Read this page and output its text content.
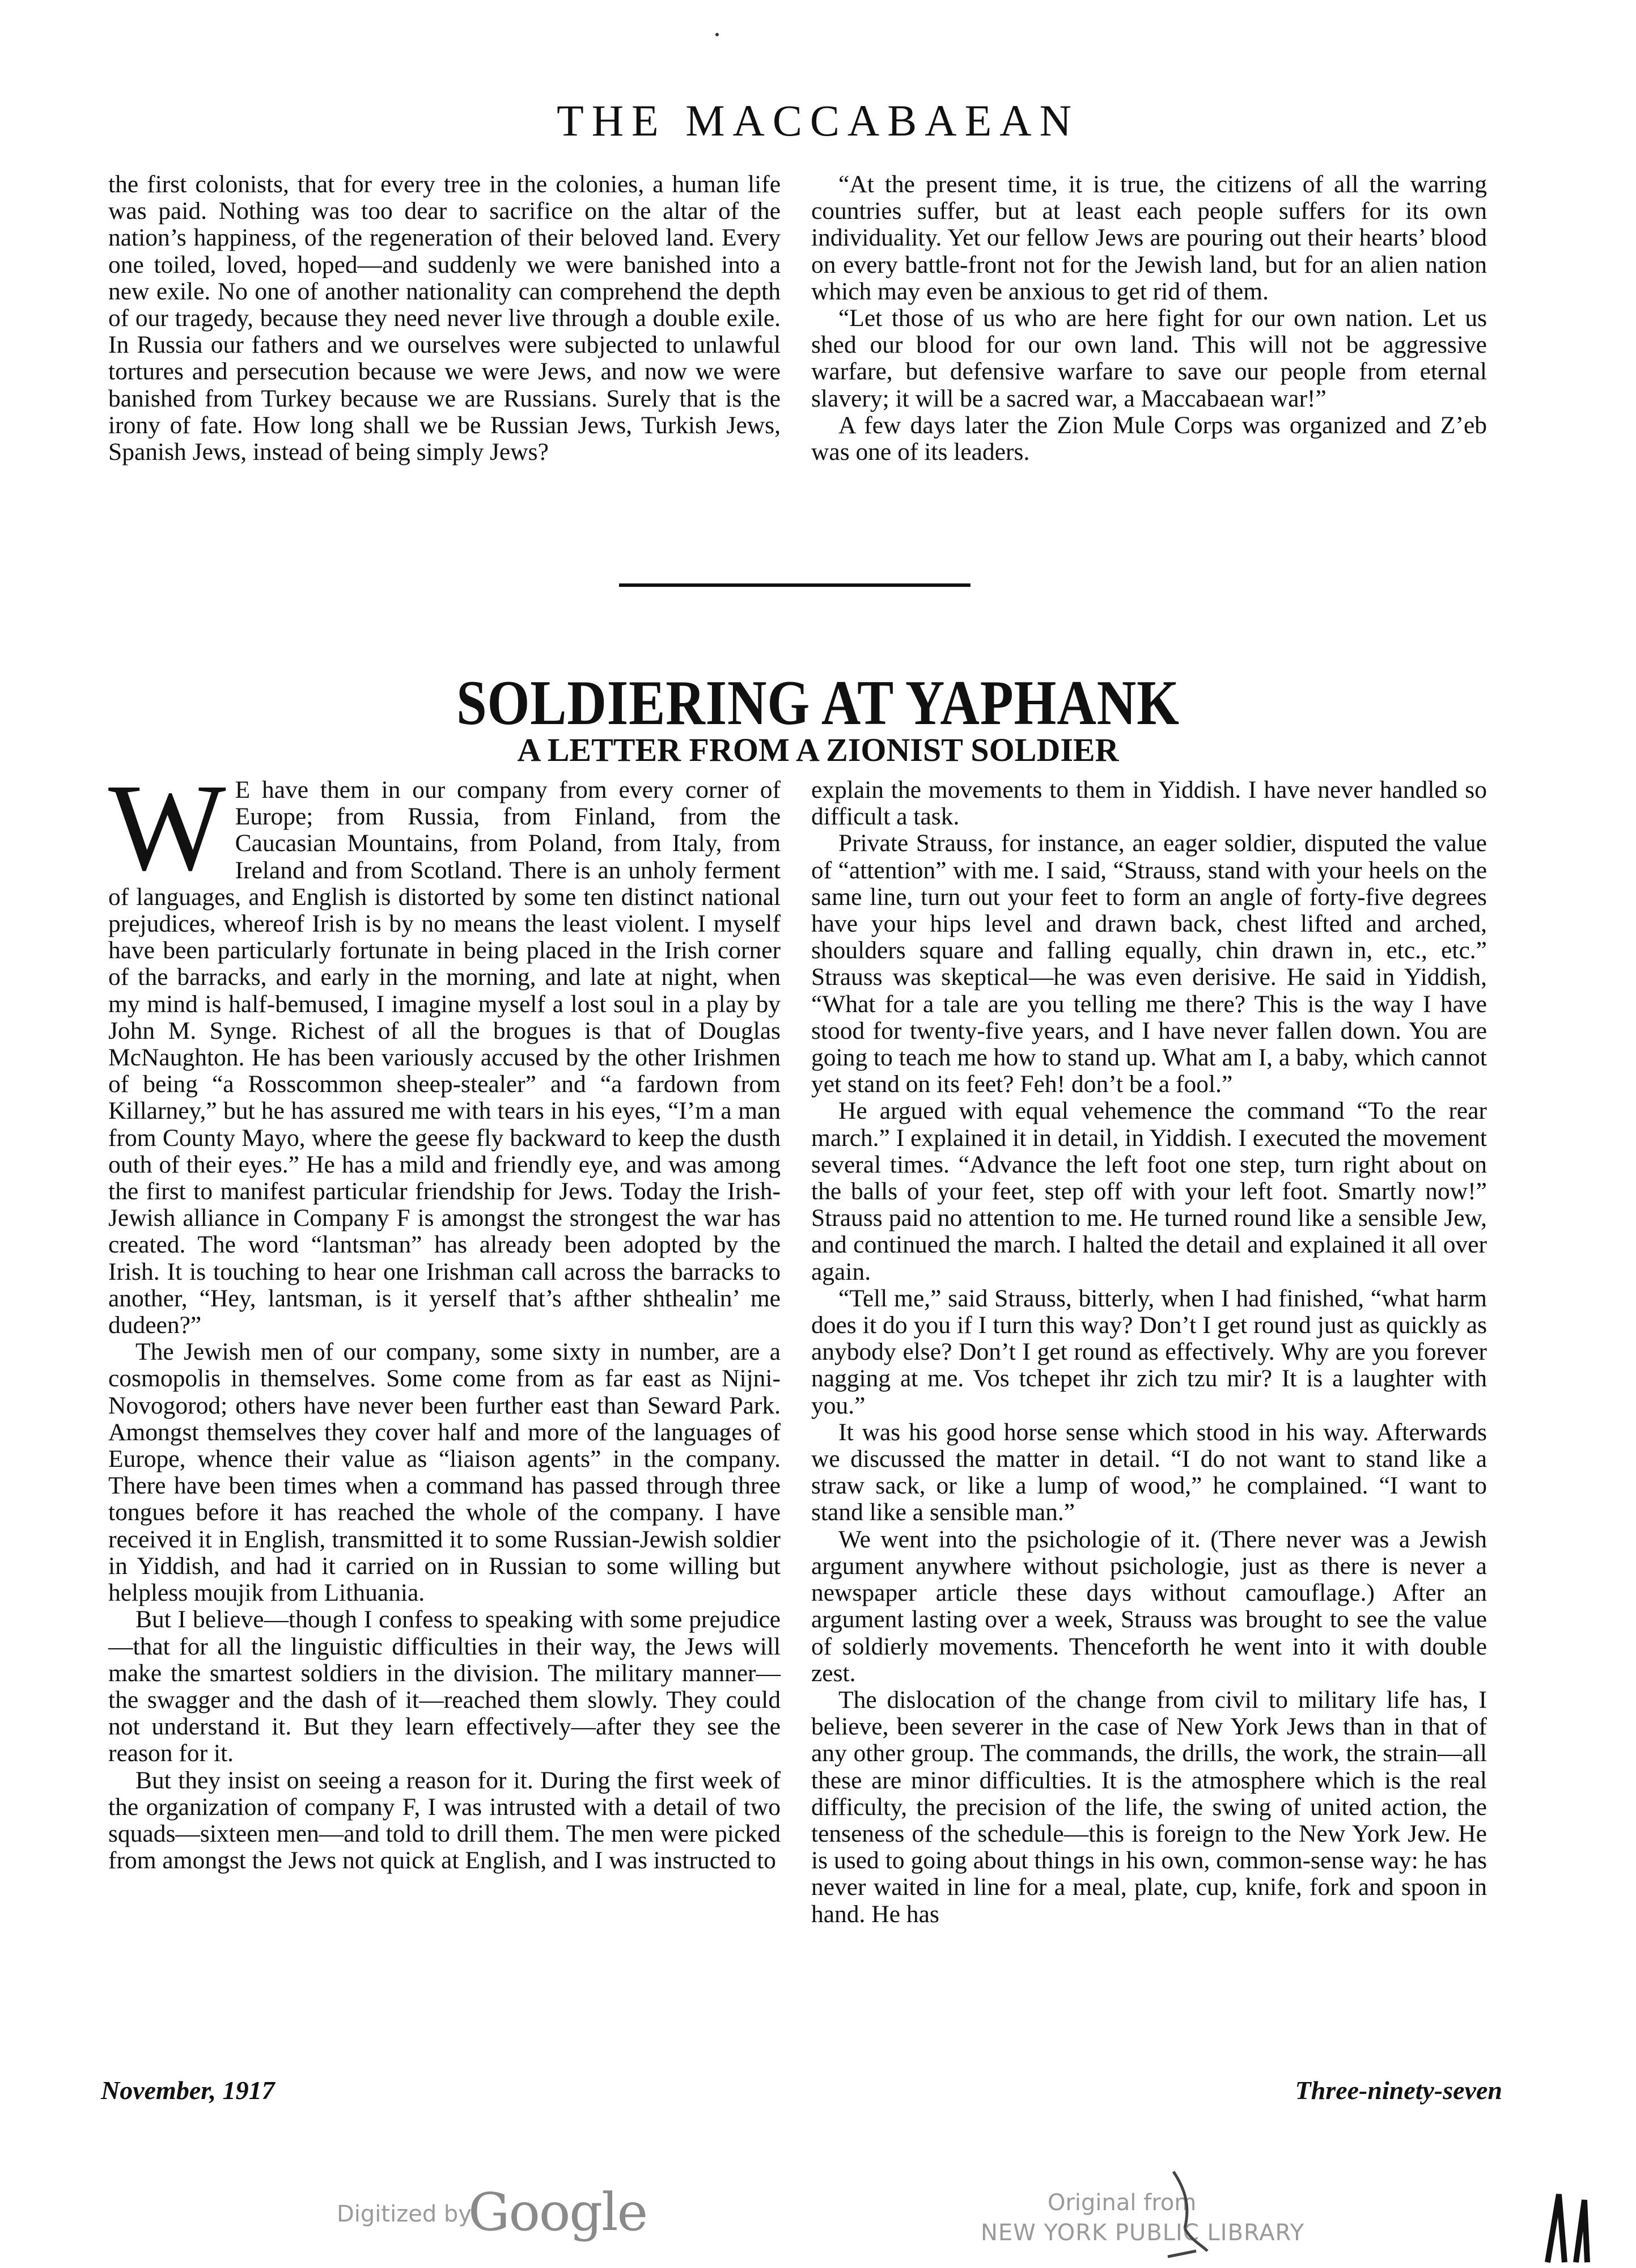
THE MACCABAEAN

the first colonists, that for every tree in the colonies, a human life was paid. Nothing was too dear to sacrifice on the altar of the nation’s happiness, of the regeneration of their beloved land. Every one toiled, loved, hoped—and suddenly we were banished into a new exile. No one of another nationality can comprehend the depth of our tragedy, because they need never live through a double exile. In Russia our fathers and we ourselves were subjected to unlawful tortures and persecution because we were Jews, and now we were banished from Turkey because we are Russians. Surely that is the irony of fate. How long shall we be Russian Jews, Turkish Jews, Spanish Jews, instead of being simply Jews?

“At the present time, it is true, the citizens of all the warring countries suffer, but at least each people suffers for its own individuality. Yet our fellow Jews are pouring out their hearts’ blood on every battle-front not for the Jewish land, but for an alien nation which may even be anxious to get rid of them.

“Let those of us who are here fight for our own nation. Let us shed our blood for our own land. This will not be aggressive warfare, but defensive warfare to save our people from eternal slavery; it will be a sacred war, a Maccabaean war!”

A few days later the Zion Mule Corps was organized and Z’eb was one of its leaders.

SOLDIERING AT YAPHANK
A LETTER FROM A ZIONIST SOLDIER

W E have them in our company from every corner of Europe; from Russia, from Finland, from the Caucasian Mountains, from Poland, from Italy, from Ireland and from Scotland. There is an unholy ferment of languages, and English is distorted by some ten distinct national prejudices, whereof Irish is by no means the least violent. I myself have been particularly fortunate in being placed in the Irish corner of the barracks, and early in the morning, and late at night, when my mind is half-bemused, I imagine myself a lost soul in a play by John M. Synge. Richest of all the brogues is that of Douglas McNaughton. He has been variously accused by the other Irishmen of being “a Rosscommon sheep-stealer” and “a fardown from Killarney,” but he has assured me with tears in his eyes, “I’m a man from County Mayo, where the geese fly backward to keep the dusth outh of their eyes.” He has a mild and friendly eye, and was among the first to manifest particular friendship for Jews. Today the Irish-Jewish alliance in Company F is amongst the strongest the war has created. The word “lantsman” has already been adopted by the Irish. It is touching to hear one Irishman call across the barracks to another, “Hey, lantsman, is it yerself that’s afther shthealin’ me dudeen?”

The Jewish men of our company, some sixty in number, are a cosmopolis in themselves. Some come from as far east as Nijni-Novogorod; others have never been further east than Seward Park. Amongst themselves they cover half and more of the languages of Europe, whence their value as “liaison agents” in the company. There have been times when a command has passed through three tongues before it has reached the whole of the company. I have received it in English, transmitted it to some Russian-Jewish soldier in Yiddish, and had it carried on in Russian to some willing but helpless moujik from Lithuania.

But I believe—though I confess to speaking with some prejudice—that for all the linguistic difficulties in their way, the Jews will make the smartest soldiers in the division. The military manner—the swagger and the dash of it—reached them slowly. They could not understand it. But they learn effectively—after they see the reason for it.

But they insist on seeing a reason for it. During the first week of the organization of company F, I was intrusted with a detail of two squads—sixteen men—and told to drill them. The men were picked from amongst the Jews not quick at English, and I was instructed to

explain the movements to them in Yiddish. I have never handled so difficult a task.

Private Strauss, for instance, an eager soldier, disputed the value of “attention” with me. I said, “Strauss, stand with your heels on the same line, turn out your feet to form an angle of forty-five degrees have your hips level and drawn back, chest lifted and arched, shoulders square and falling equally, chin drawn in, etc., etc.” Strauss was skeptical—he was even derisive. He said in Yiddish, “What for a tale are you telling me there? This is the way I have stood for twenty-five years, and I have never fallen down. You are going to teach me how to stand up. What am I, a baby, which cannot yet stand on its feet? Feh! don’t be a fool.”

He argued with equal vehemence the command “To the rear march.” I explained it in detail, in Yiddish. I executed the movement several times. “Advance the left foot one step, turn right about on the balls of your feet, step off with your left foot. Smartly now!” Strauss paid no attention to me. He turned round like a sensible Jew, and continued the march. I halted the detail and explained it all over again.

“Tell me,” said Strauss, bitterly, when I had finished, “what harm does it do you if I turn this way? Don’t I get round just as quickly as anybody else? Don’t I get round as effectively. Why are you forever nagging at me. Vos tchepet ihr zich tzu mir? It is a laughter with you.”

It was his good horse sense which stood in his way. Afterwards we discussed the matter in detail. “I do not want to stand like a straw sack, or like a lump of wood,” he complained. “I want to stand like a sensible man.”

We went into the psichologie of it. (There never was a Jewish argument anywhere without psichologie, just as there is never a newspaper article these days without camouflage.) After an argument lasting over a week, Strauss was brought to see the value of soldierly movements. Thenceforth he went into it with double zest.

The dislocation of the change from civil to military life has, I believe, been severer in the case of New York Jews than in that of any other group. The commands, the drills, the work, the strain—all these are minor difficulties. It is the atmosphere which is the real difficulty, the precision of the life, the swing of united action, the tenseness of the schedule—this is foreign to the New York Jew. He is used to going about things in his own, common-sense way: he has never waited in line for a meal, plate, cup, knife, fork and spoon in hand. He has

November, 1917	Three-ninety-seven
Digitized by
Google	Original from
NEW YORK PUBLIC LIBRARY
